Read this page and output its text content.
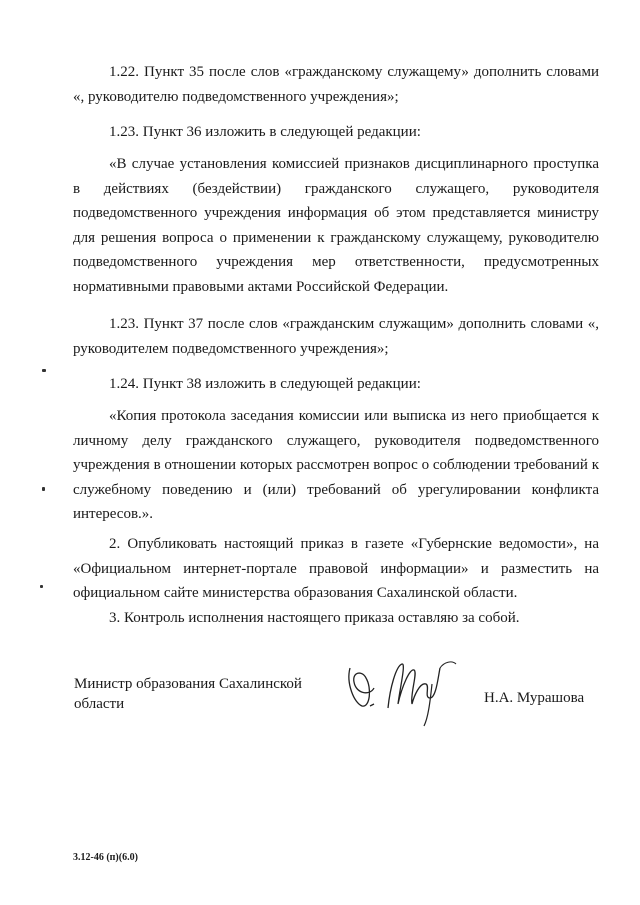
1.22. Пункт 35 после слов «гражданскому служащему» дополнить словами «, руководителю подведомственного учреждения»;

1.23. Пункт 36 изложить в следующей редакции:

«В случае установления комиссией признаков дисциплинарного проступка в действиях (бездействии) гражданского служащего, руководителя подведомственного учреждения информация об этом представляется министру для решения вопроса о применении к гражданскому служащему, руководителю подведомственного учреждения мер ответственности, предусмотренных нормативными правовыми актами Российской Федерации.

1.23. Пункт 37 после слов «гражданским служащим» дополнить словами «, руководителем подведомственного учреждения»;

1.24. Пункт 38 изложить в следующей редакции:

«Копия протокола заседания комиссии или выписка из него приобщается к личному делу гражданского служащего, руководителя подведомственного учреждения в отношении которых рассмотрен вопрос о соблюдении требований к служебному поведению и (или) требований об урегулировании конфликта интересов.».

2. Опубликовать настоящий приказ в газете «Губернские ведомости», на «Официальном интернет-портале правовой информации» и разместить на официальном сайте министерства образования Сахалинской области.

3. Контроль исполнения настоящего приказа оставляю за собой.

Министр образования Сахалинской
области	Н.А. Мурашова
3.12-46 (п)(6.0)
